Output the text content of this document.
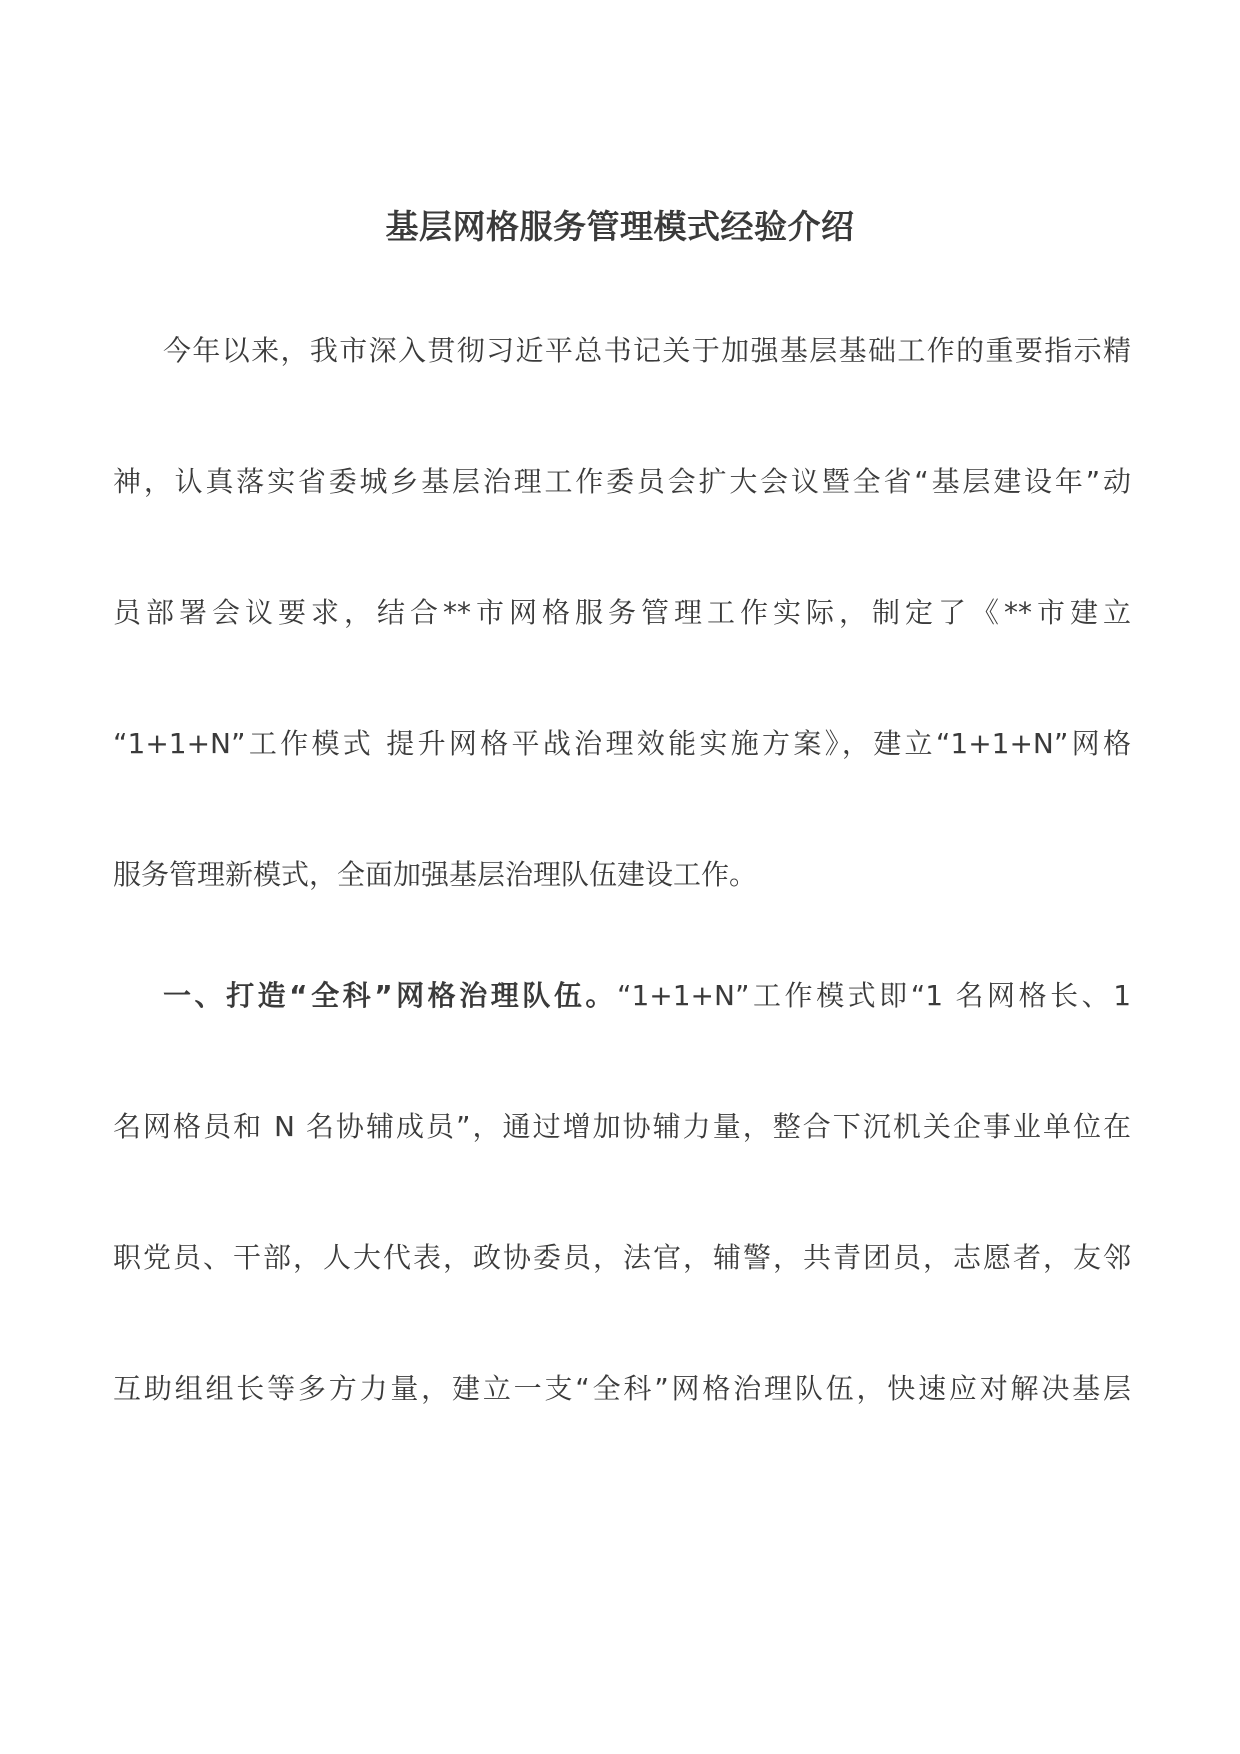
基层网格服务管理模式经验介绍
今年以来，我市深入贯彻习近平总书记关于加强基层基础工作的重要指示精
神，认真落实省委城乡基层治理工作委员会扩大会议暨全省“基层建设年”动
员部署会议要求，结合**市网格服务管理工作实际，制定了《**市建立
“1+1+N”工作模式 提升网格平战治理效能实施方案》，建立“1+1+N”网格
服务管理新模式，全面加强基层治理队伍建设工作。
一、打造“全科”网格治理队伍。“1+1+N”工作模式即“1 名网格长、1
名网格员和 N 名协辅成员”，通过增加协辅力量，整合下沉机关企事业单位在
职党员、干部，人大代表，政协委员，法官，辅警，共青团员，志愿者，友邻
互助组组长等多方力量，建立一支“全科”网格治理队伍，快速应对解决基层
